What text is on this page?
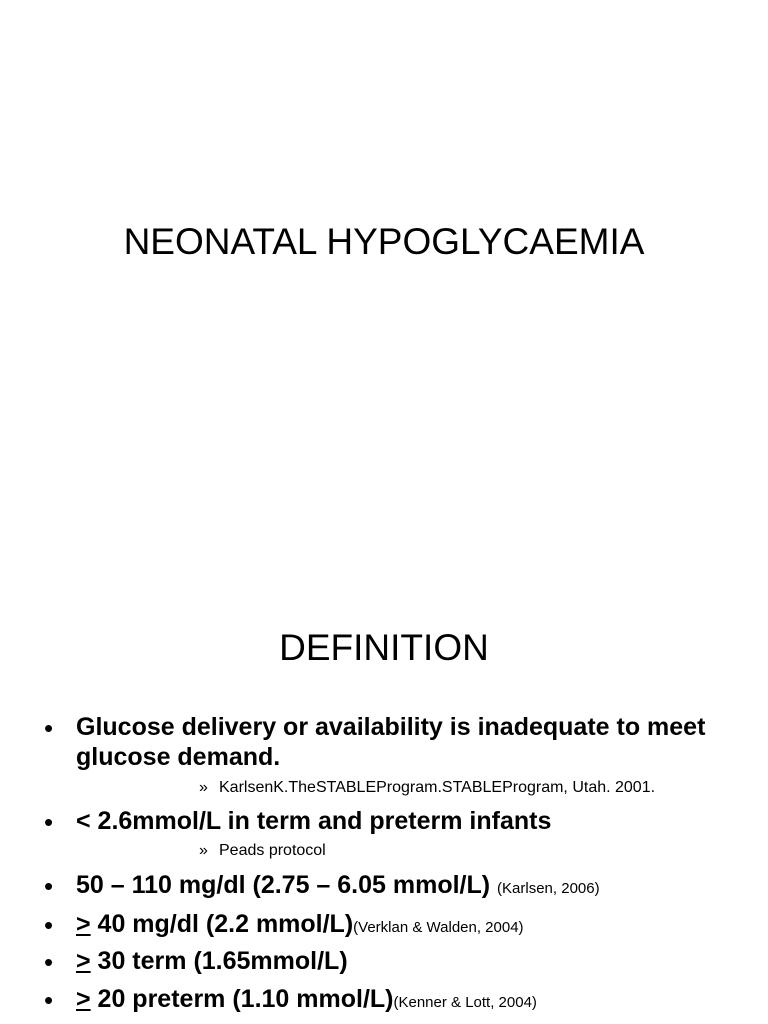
NEONATAL HYPOGLYCAEMIA
DEFINITION
• Glucose delivery or availability is inadequate to meet glucose demand.
» KarlsenK.TheSTABLEProgram.STABLEProgram, Utah. 2001.
• < 2.6mmol/L in term and preterm infants
» Peads protocol
• 50 – 110 mg/dl (2.75 – 6.05 mmol/L) (Karlsen, 2006)
• ≥ 40 mg/dl (2.2 mmol/L)(Verklan & Walden, 2004)
• ≥ 30 term (1.65mmol/L)
• ≥ 20 preterm (1.10 mmol/L)(Kenner & Lott, 2004)
